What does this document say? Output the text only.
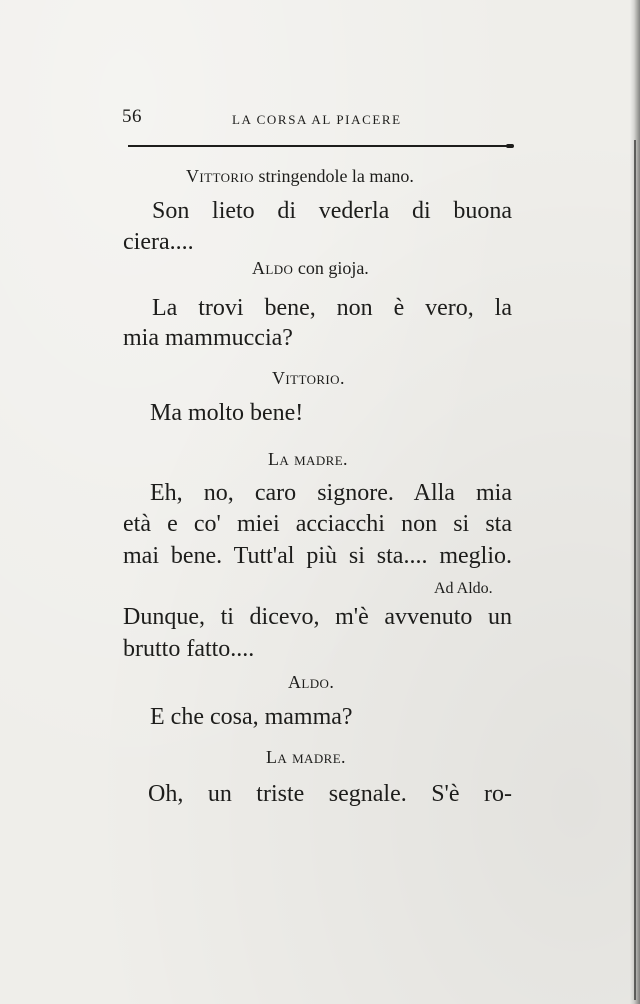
56	LA CORSA AL PIACERE
Vittorio stringendole la mano.
Son lieto di vederla di buona
ciera....
Aldo con gioja.
La trovi bene, non è vero, la
mia mammuccia?
Vittorio.
Ma molto bene!
La madre.
Eh, no, caro signore. Alla mia
età e co' miei acciacchi non si sta
mai bene. Tutt'al più si sta.... meglio.
Ad Aldo.
Dunque, ti dicevo, m'è avvenuto un
brutto fatto....
Aldo.
E che cosa, mamma?
La madre.
Oh, un triste segnale. S'è ro-
